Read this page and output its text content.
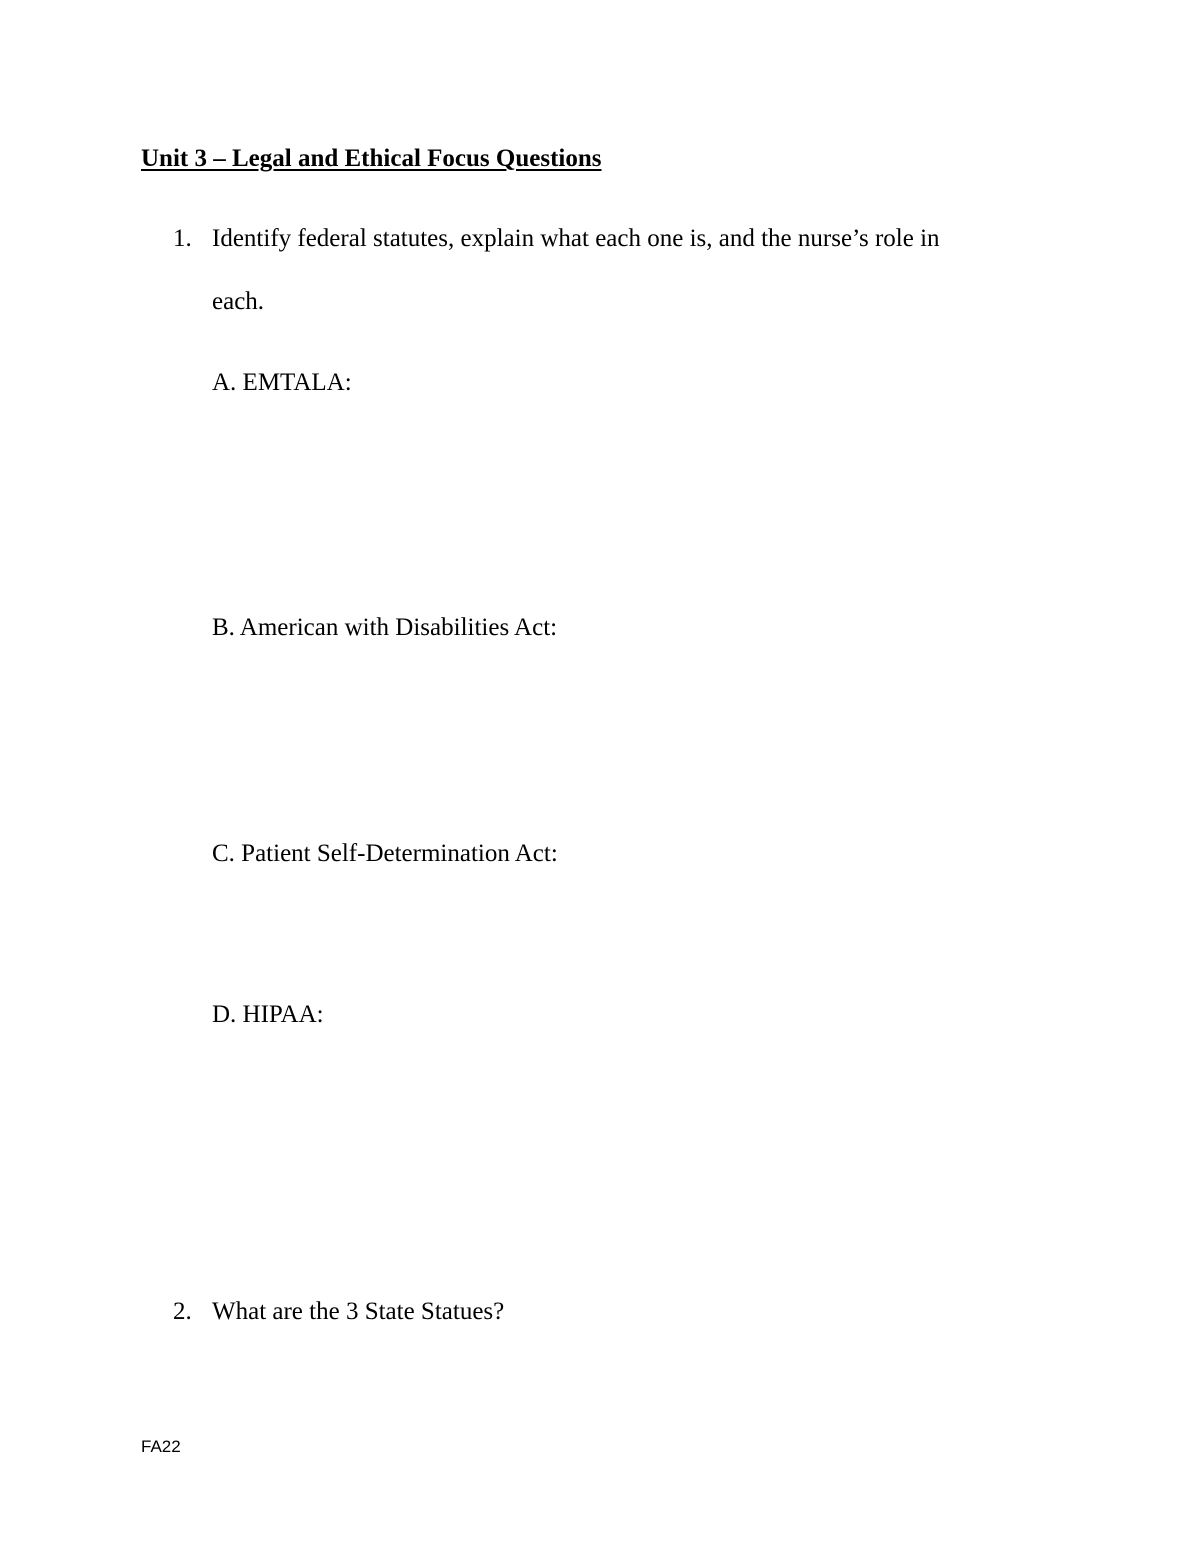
Unit 3 – Legal and Ethical Focus Questions
1. Identify federal statutes, explain what each one is, and the nurse’s role in
each.
A. EMTALA:
B. American with Disabilities Act:
C. Patient Self-Determination Act:
D. HIPAA:
2. What are the 3 State Statues?
FA22
